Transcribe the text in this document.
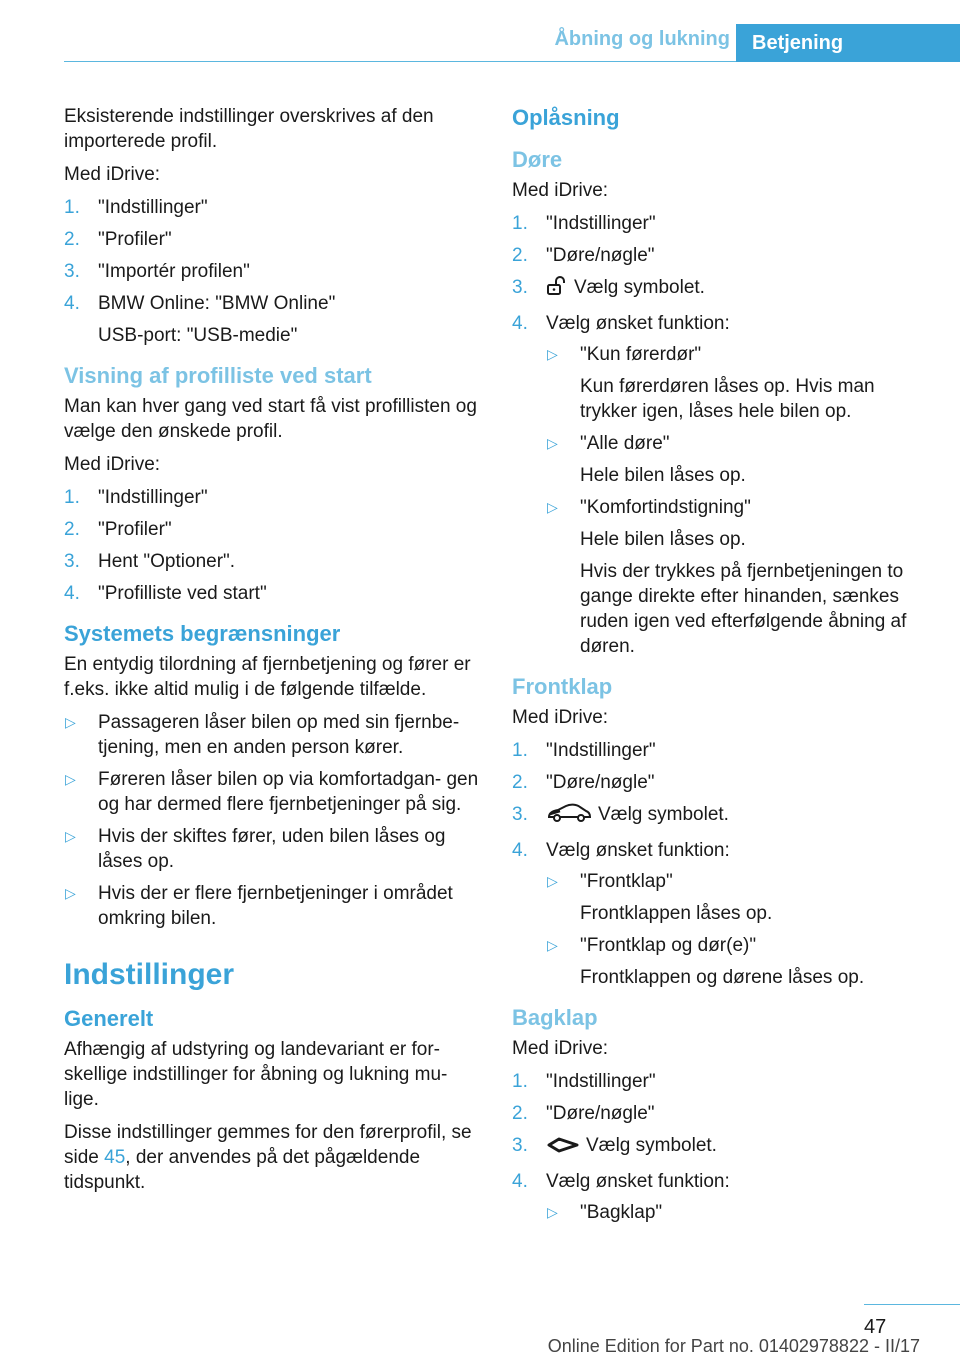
Åbning og lukning	Betjening

Eksisterende indstillinger overskrives af den importerede profil.

Med iDrive:

1. "Indstillinger"
2. "Profiler"
3. "Importér profilen"
4. BMW Online: "BMW Online"
USB-port: "USB-medie"
Visning af profilliste ved start

Man kan hver gang ved start få vist profillisten og vælge den ønskede profil.

Med iDrive:

1. "Indstillinger"
2. "Profiler"
3. Hent "Optioner".
4. "Profilliste ved start"
Systemets begrænsninger

En entydig tilordning af fjernbetjening og fører er f.eks. ikke altid mulig i de følgende tilfælde.

▷ Passageren låser bilen op med sin fjernbe- tjening, men en anden person kører.
▷ Føreren låser bilen op via komfortadgan- gen og har dermed flere fjernbetjeninger på sig.
▷ Hvis der skiftes fører, uden bilen låses og låses op.
▷ Hvis der er flere fjernbetjeninger i området omkring bilen.
Indstillinger
Generelt

Afhængig af udstyring og landevariant er for- skellige indstillinger for åbning og lukning mu- lige.

Disse indstillinger gemmes for den førerprofil, se side 45, der anvendes på det pågældende tidspunkt.

Oplåsning
Døre

Med iDrive:

1. "Indstillinger"
2. "Døre/nøgle"
3. Vælg symbolet.
4. Vælg ønsket funktion:
▷ "Kun førerdør"
Kun førerdøren låses op. Hvis man trykker igen, låses hele bilen op.
▷ "Alle døre"
Hele bilen låses op.
▷ "Komfortindstigning"
Hele bilen låses op.
Hvis der trykkes på fjernbetjeningen to gange direkte efter hinanden, sænkes ruden igen ved efterfølgende åbning af døren.
Frontklap

Med iDrive:

1. "Indstillinger"
2. "Døre/nøgle"
3.	Vælg symbolet.
4. Vælg ønsket funktion:
▷ "Frontklap"
Frontklappen låses op.
▷ "Frontklap og dør(e)"
Frontklappen og dørene låses op.
Bagklap

Med iDrive:

1. "Indstillinger"
2. "Døre/nøgle"
3.	Vælg symbolet.
4. Vælg ønsket funktion:
▷ "Bagklap"
47
Online Edition for Part no. 01402978822 - II/17
